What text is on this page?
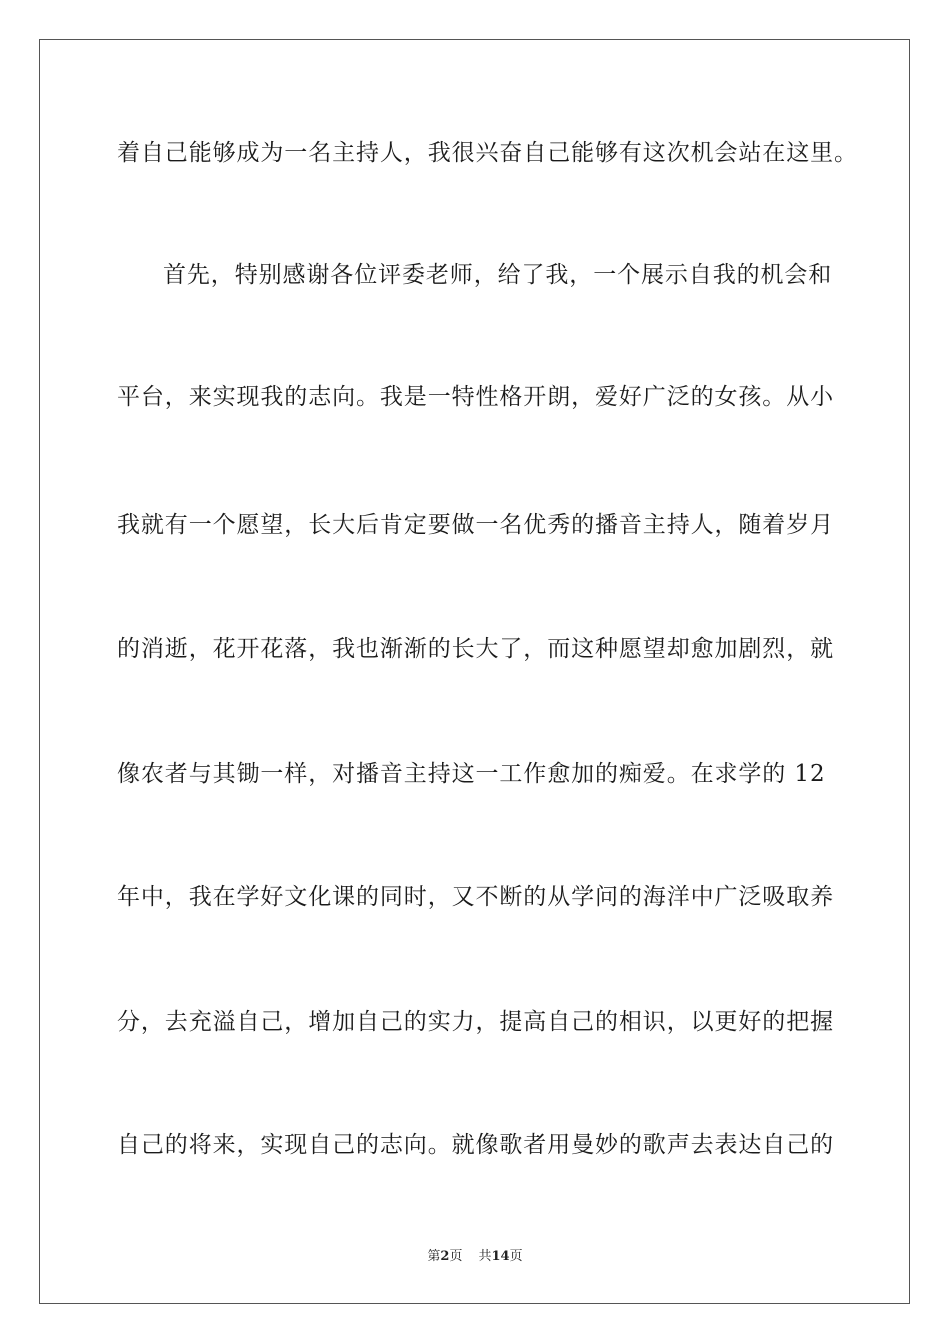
着自己能够成为一名主持人，我很兴奋自己能够有这次机会站在这里。
首先，特别感谢各位评委老师，给了我，一个展示自我的机会和
平台，来实现我的志向。我是一特性格开朗，爱好广泛的女孩。从小
我就有一个愿望，长大后肯定要做一名优秀的播音主持人，随着岁月
的消逝，花开花落，我也渐渐的长大了，而这种愿望却愈加剧烈，就
像农者与其锄一样，对播音主持这一工作愈加的痴爱。在求学的 12
年中，我在学好文化课的同时，又不断的从学问的海洋中广泛吸取养
分，去充溢自己，增加自己的实力，提高自己的相识，以更好的把握
自己的将来，实现自己的志向。就像歌者用曼妙的歌声去表达自己的
第2页 共14页
